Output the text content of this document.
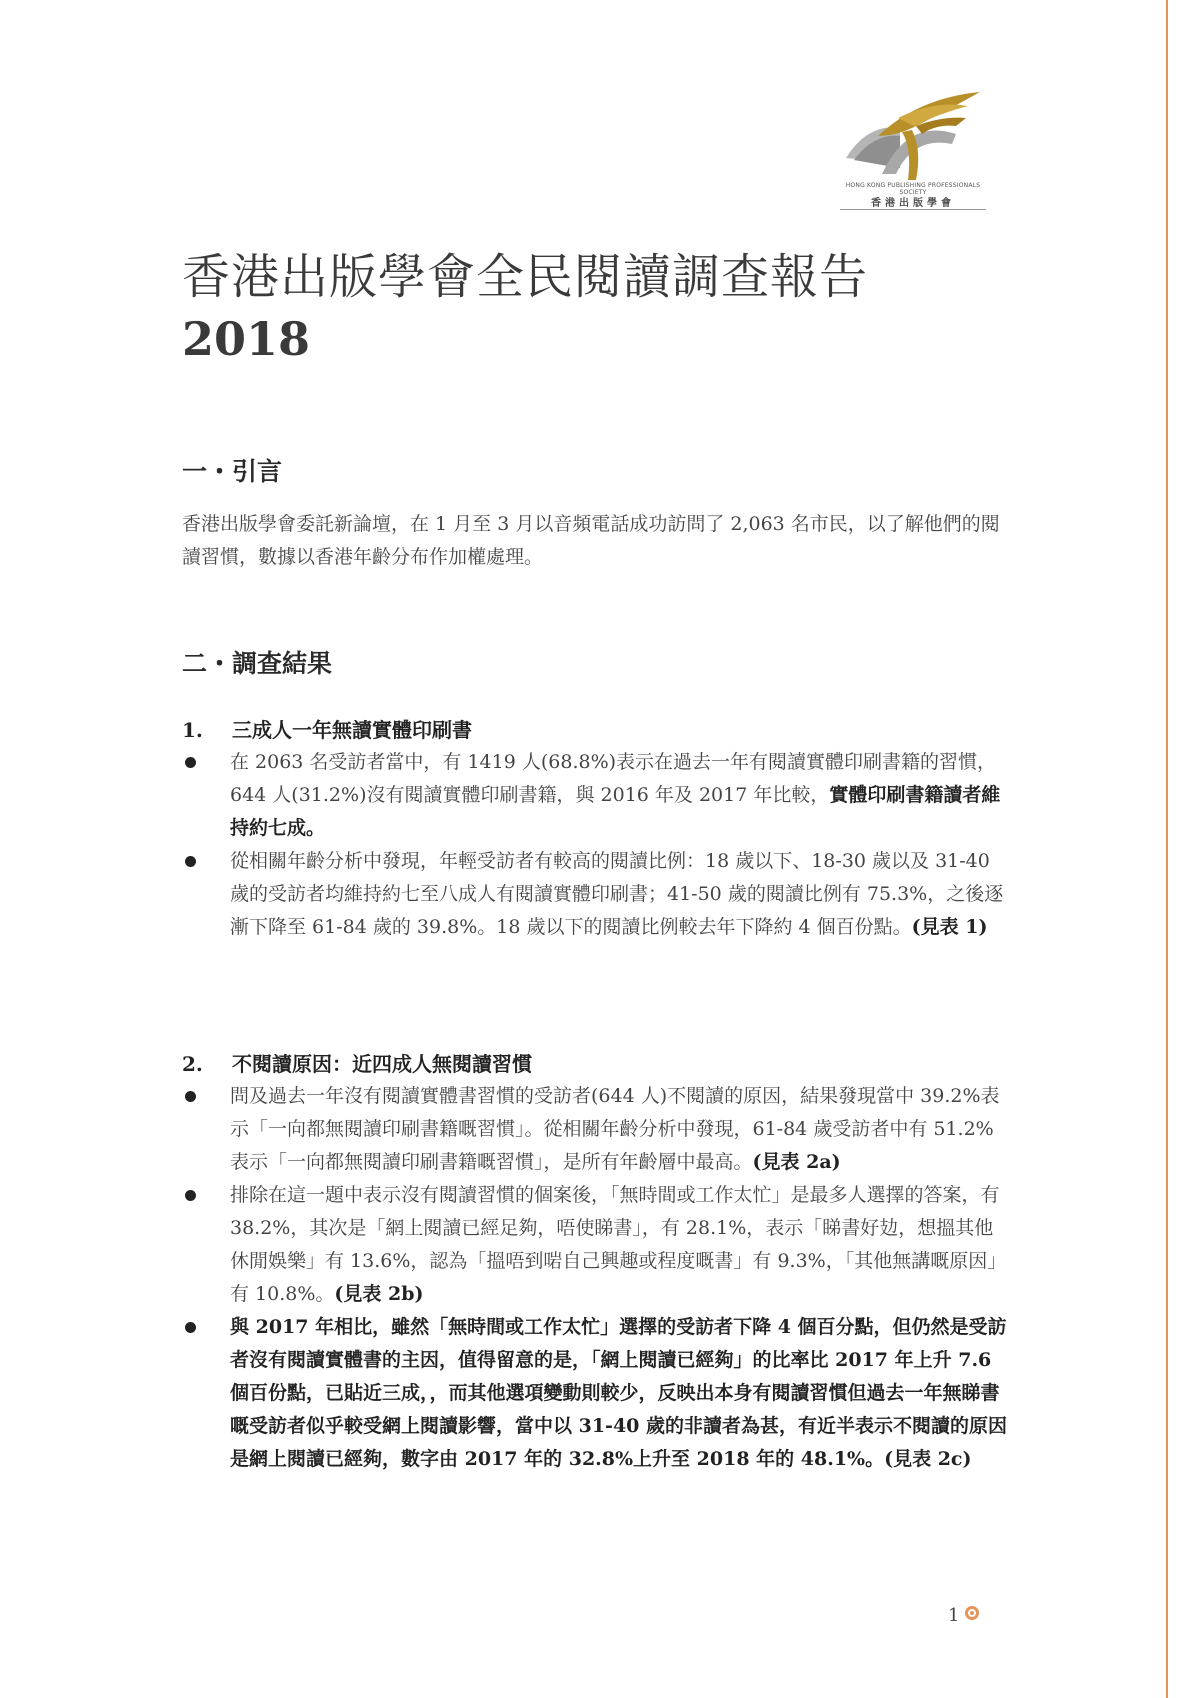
HONG KONG PUBLISHING PROFESSIONALS SOCIETY
香港出版學會
香港出版學會全民閱讀調查報告
2018
一・引言

香港出版學會委託新論壇，在 1 月至 3 月以音頻電話成功訪問了 2,063 名市民，以了解他們的閱讀習慣，數據以香港年齡分布作加權處理。

二・調查結果
1. 三成人一年無讀實體印刷書

在 2063 名受訪者當中，有 1419 人(68.8%)表示在過去一年有閱讀實體印刷書籍的習慣，644 人(31.2%)沒有閱讀實體印刷書籍，與 2016 年及 2017 年比較，實體印刷書籍讀者維持約七成。

從相關年齡分析中發現，年輕受訪者有較高的閱讀比例：18 歲以下、18-30 歲以及 31-40 歲的受訪者均維持約七至八成人有閱讀實體印刷書；41-50 歲的閱讀比例有 75.3%，之後逐漸下降至 61-84 歲的 39.8%。18 歲以下的閱讀比例較去年下降約 4 個百份點。(見表 1)

2. 不閱讀原因：近四成人無閱讀習慣

問及過去一年沒有閱讀實體書習慣的受訪者(644 人)不閱讀的原因，結果發現當中 39.2%表示「一向都無閱讀印刷書籍嘅習慣」。從相關年齡分析中發現，61-84 歲受訪者中有 51.2%表示「一向都無閱讀印刷書籍嘅習慣」，是所有年齡層中最高。(見表 2a)

排除在這一題中表示沒有閱讀習慣的個案後，「無時間或工作太忙」是最多人選擇的答案，有 38.2%，其次是「網上閱讀已經足夠，唔使睇書」，有 28.1%，表示「睇書好攰，想搵其他休閒娛樂」有 13.6%，認為「搵唔到啱自己興趣或程度嘅書」有 9.3%，「其他無講嘅原因」有 10.8%。(見表 2b)

與 2017 年相比，雖然「無時間或工作太忙」選擇的受訪者下降 4 個百分點，但仍然是受訪者沒有閱讀實體書的主因，值得留意的是，「網上閱讀已經夠」的比率比 2017 年上升 7.6 個百份點，已貼近三成，，而其他選項變動則較少，反映出本身有閱讀習慣但過去一年無睇書嘅受訪者似乎較受網上閱讀影響，當中以 31-40 歲的非讀者為甚，有近半表示不閱讀的原因是網上閱讀已經夠，數字由 2017 年的 32.8%上升至 2018 年的 48.1%。(見表 2c)

1
